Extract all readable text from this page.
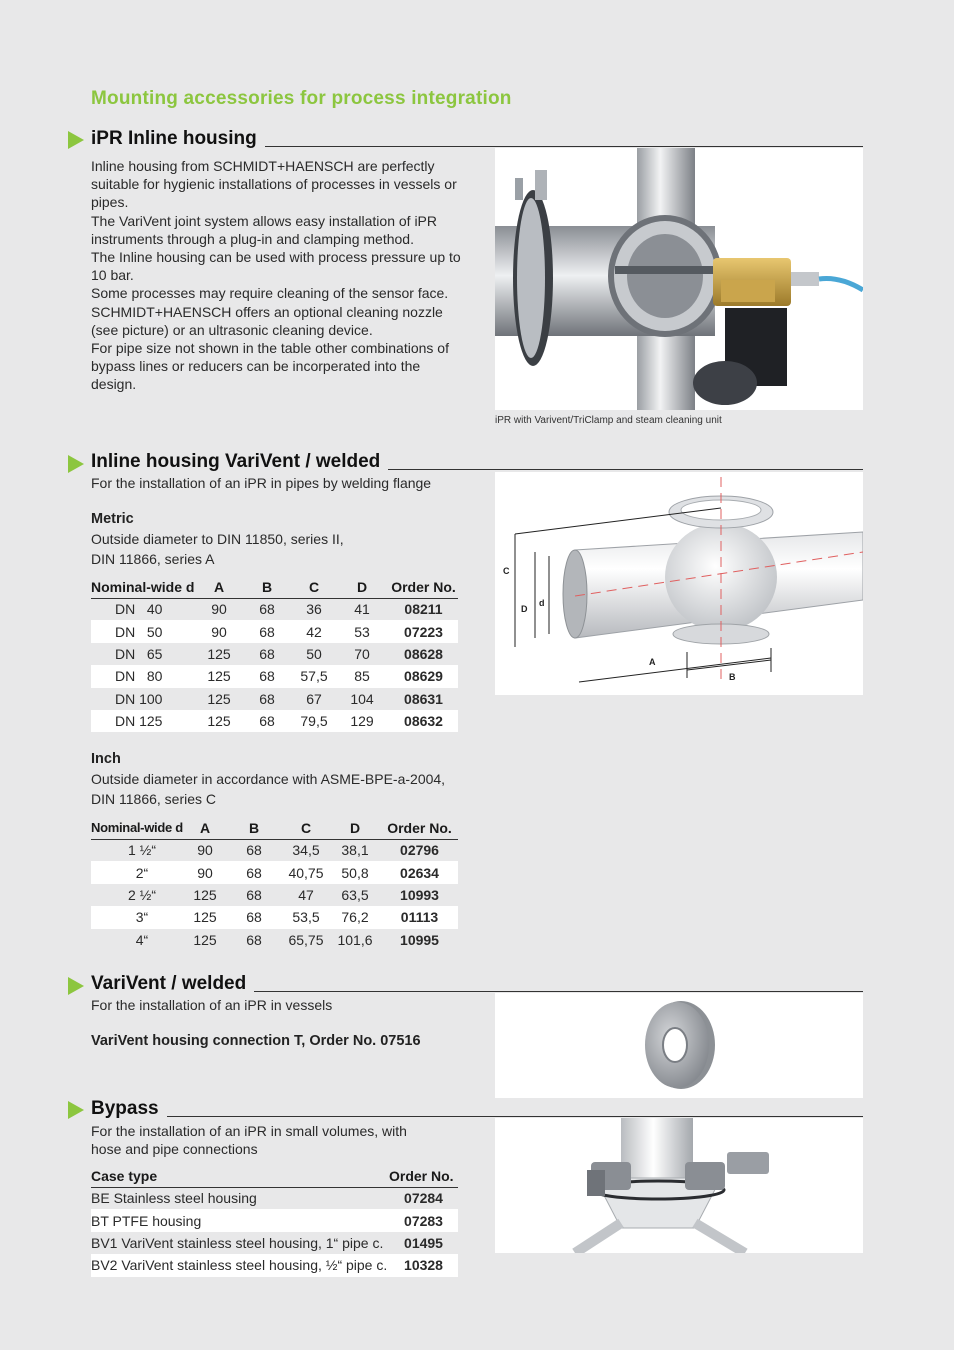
Mounting accessories for process integration
iPR Inline housing

Inline housing from SCHMIDT+HAENSCH are perfectly suitable for hygienic installations of processes in vessels or pipes.

The VariVent joint system allows easy installation of iPR instruments through a plug-in and clamping method.

The Inline housing can be used with process pressure up to 10 bar.

Some processes may require cleaning of the sensor face. SCHMIDT+HAENSCH offers an optional cleaning nozzle (see picture) or an ultrasonic cleaning device.

For pipe size not shown in the table other combinations of bypass lines or reducers can be incorperated into the design.

iPR with Varivent/TriClamp and steam cleaning unit
Inline housing VariVent / welded
For the installation of an iPR in pipes by welding flange
Metric
Outside diameter to DIN 11850, series II,
DIN 11866, series A
Nominal-wide d	A	B	C	D	Order No.
DN   40	90	68	36	41	08211
DN   50	90	68	42	53	07223
DN   65	125	68	50	70	08628
DN   80	125	68	57,5	85	08629
DN 100	125	68	67	104	08631
DN 125	125	68	79,5	129	08632
Inch
Outside diameter in accordance with ASME-BPE-a-2004,
DIN 11866, series C
Nominal-wide d	A	B	C	D	Order No.
1 ½“	90	68	34,5	38,1	02796
2“	90	68	40,75	50,8	02634
2 ½“	125	68	47	63,5	10993
3“	125	68	53,5	76,2	01113
4“	125	68	65,75	101,6	10995
C
D
d
A
B
VariVent / welded
For the installation of an iPR in vessels
VariVent housing connection T, Order No. 07516
Bypass
For the installation of an iPR in small volumes, with
hose and pipe connections
Case type	Order No.
BE Stainless steel housing	07284
BT PTFE housing	07283
BV1 VariVent stainless steel housing, 1“ pipe c.	01495
BV2 VariVent stainless steel housing, ½“ pipe c.	10328
